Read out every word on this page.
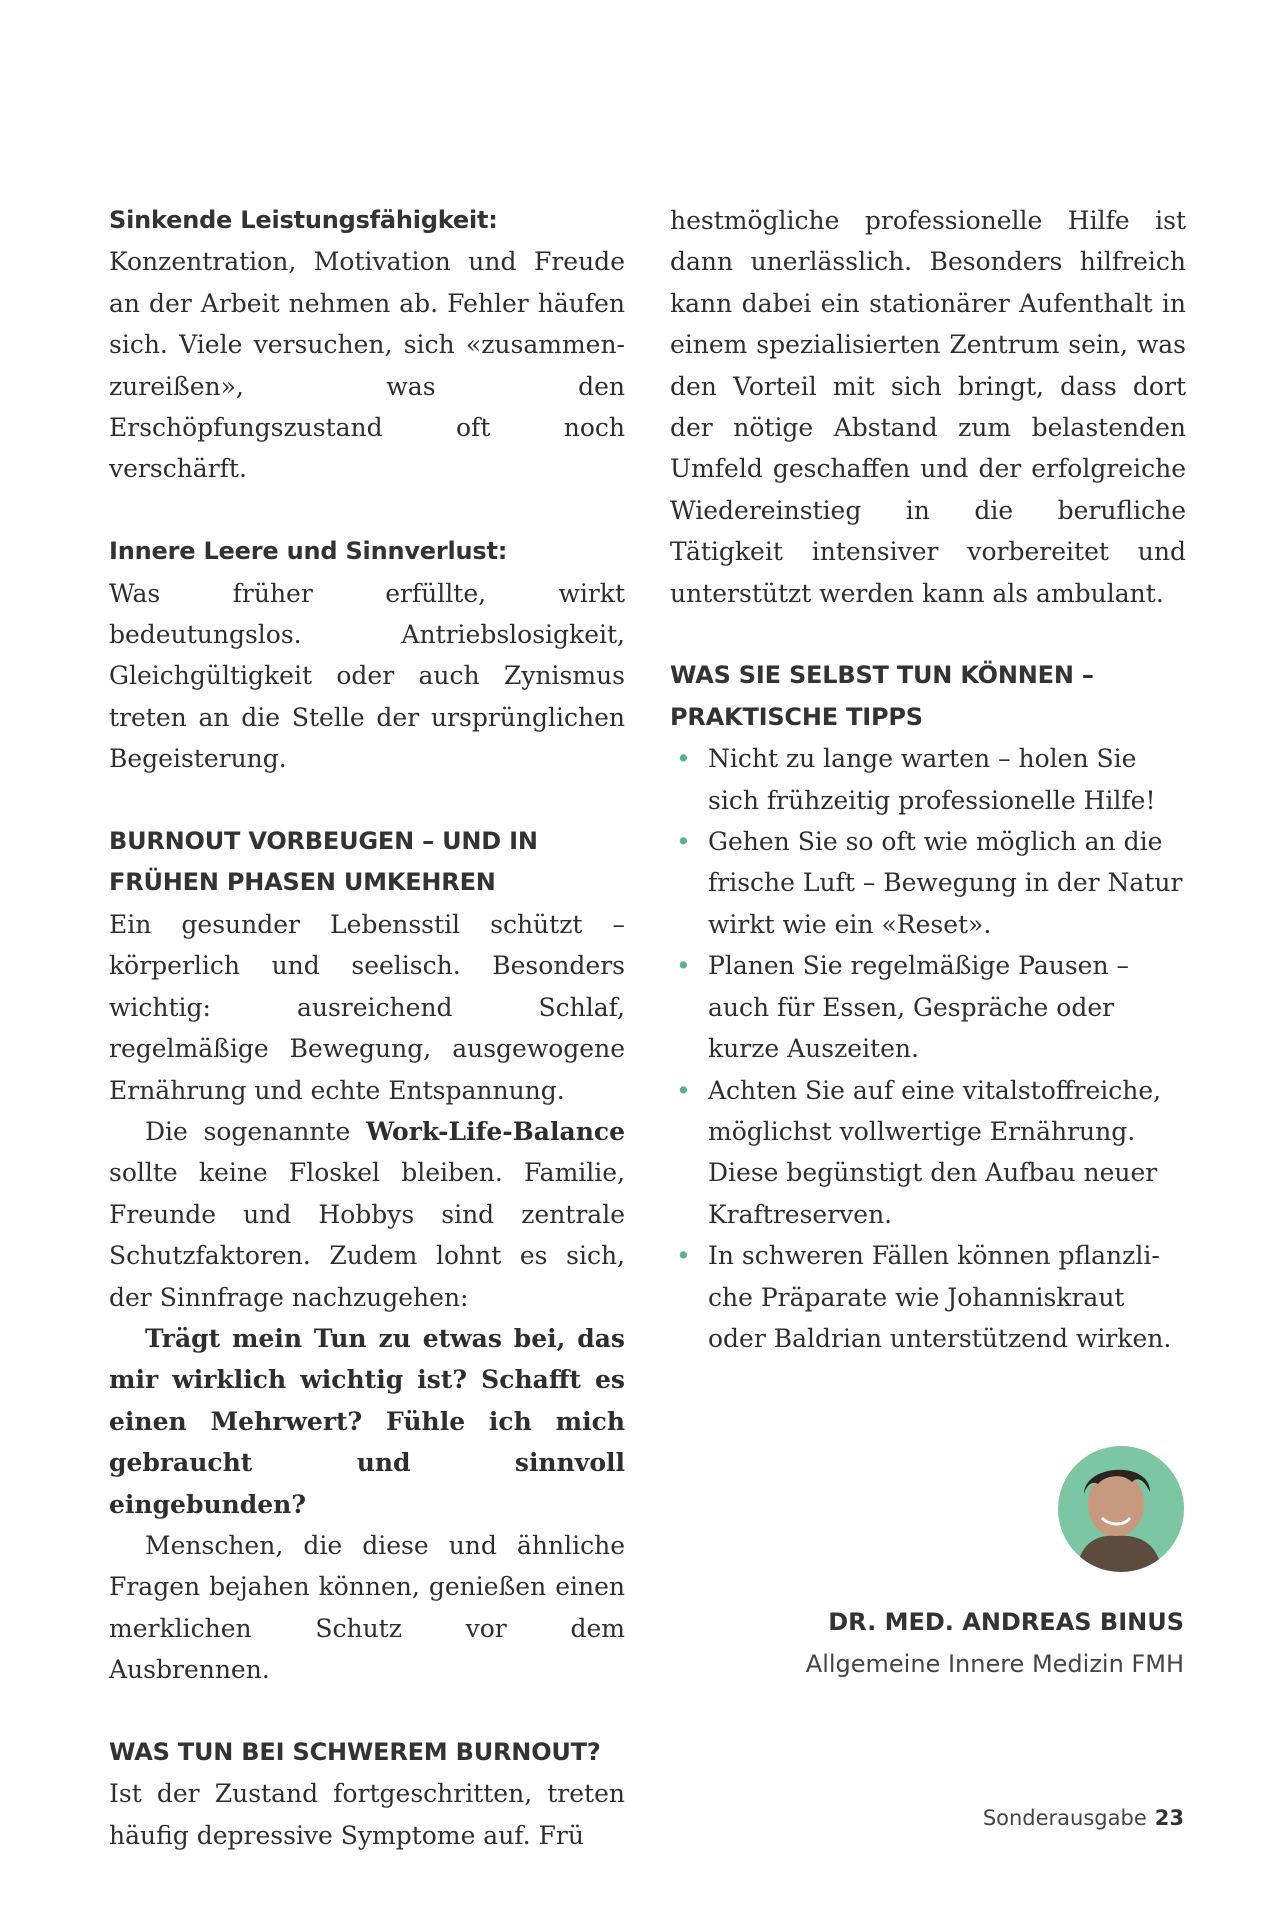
Sinkende Leistungsfähigkeit:

Konzentration, Motivation und Freude an der Arbeit nehmen ab. Fehler häufen sich. Viele versuchen, sich «zusammenzureißen», was den Erschöpfungszustand oft noch verschärft.

Innere Leere und Sinnverlust:

Was früher erfüllte, wirkt bedeutungslos. Antriebslosigkeit, Gleichgültigkeit oder auch Zynismus treten an die Stelle der ursprünglichen Begeisterung.

BURNOUT VORBEUGEN – UND IN FRÜHEN PHASEN UMKEHREN

Ein gesunder Lebensstil schützt – körperlich und seelisch. Besonders wichtig: ausreichend Schlaf, regelmäßige Bewegung, ausgewogene Ernährung und echte Entspannung.

Die sogenannte Work-Life-Balance sollte keine Floskel bleiben. Familie, Freunde und Hobbys sind zentrale Schutzfaktoren. Zudem lohnt es sich, der Sinnfrage nachzugehen:

Trägt mein Tun zu etwas bei, das mir wirklich wichtig ist? Schafft es einen Mehrwert? Fühle ich mich gebraucht und sinnvoll eingebunden?

Menschen, die diese und ähnliche Fragen bejahen können, genießen einen merklichen Schutz vor dem Ausbrennen.

WAS TUN BEI SCHWEREM BURNOUT?

Ist der Zustand fortgeschritten, treten häufig depressive Symptome auf. Frü

hestmögliche professionelle Hilfe ist dann unerlässlich. Besonders hilfreich kann dabei ein stationärer Aufenthalt in einem spezialisierten Zentrum sein, was den Vorteil mit sich bringt, dass dort der nötige Abstand zum belastenden Umfeld geschaffen und der erfolgreiche Wiedereinstieg in die berufliche Tätigkeit intensiver vorbereitet und unterstützt werden kann als ambulant.

WAS SIE SELBST TUN KÖNNEN – PRAKTISCHE TIPPS

• Nicht zu lange warten – holen Sie sich frühzeitig professionelle Hilfe!
• Gehen Sie so oft wie möglich an die frische Luft – Bewegung in der Natur wirkt wie ein «Reset».
• Planen Sie regelmäßige Pausen – auch für Essen, Gespräche oder kurze Auszeiten.
• Achten Sie auf eine vitalstoffreiche, möglichst vollwertige Ernährung. Diese begünstigt den Aufbau neuer Kraftreserven.
• In schweren Fällen können pflanzliche Präparate wie Johanniskraut oder Baldrian unterstützend wirken.
DR. MED. ANDREAS BINUS
Allgemeine Innere Medizin FMH
Sonderausgabe 23
